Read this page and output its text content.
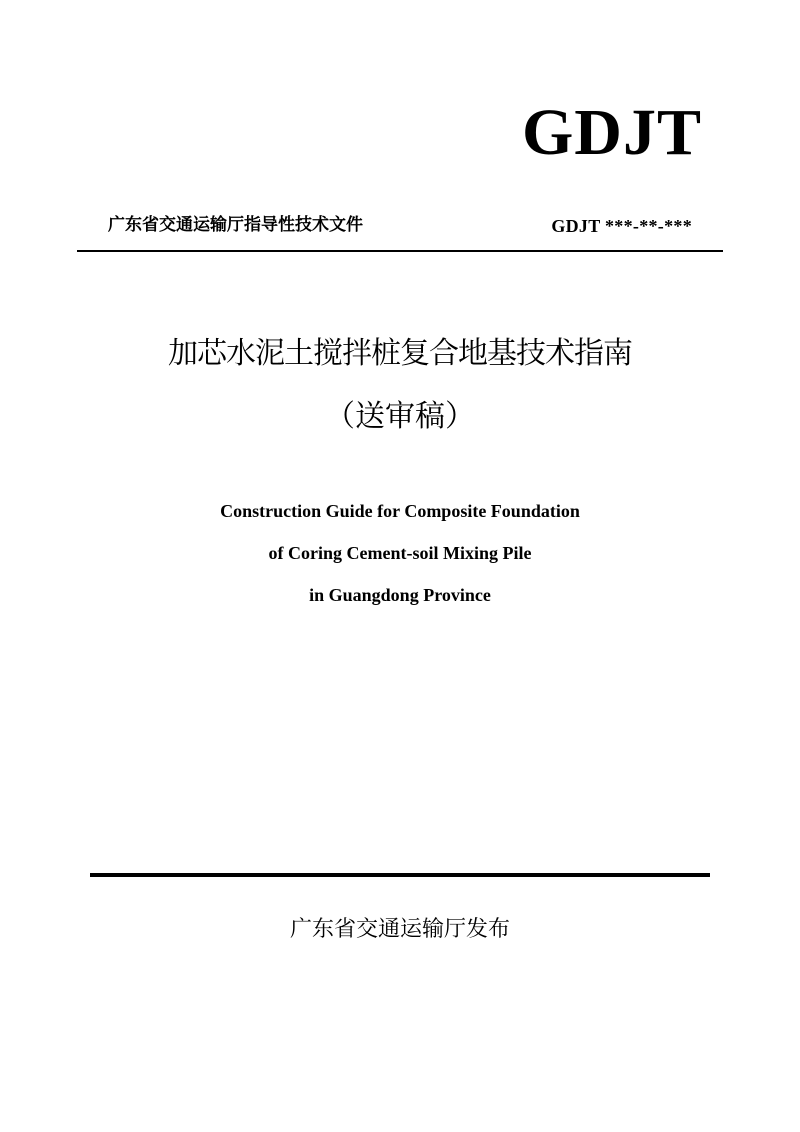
GDJT
广东省交通运输厅指导性技术文件	GDJT ***-**-***
加芯水泥土搅拌桩复合地基技术指南
（送审稿）
Construction Guide for Composite Foundation
of Coring Cement-soil Mixing Pile
in Guangdong Province
广东省交通运输厅发布
